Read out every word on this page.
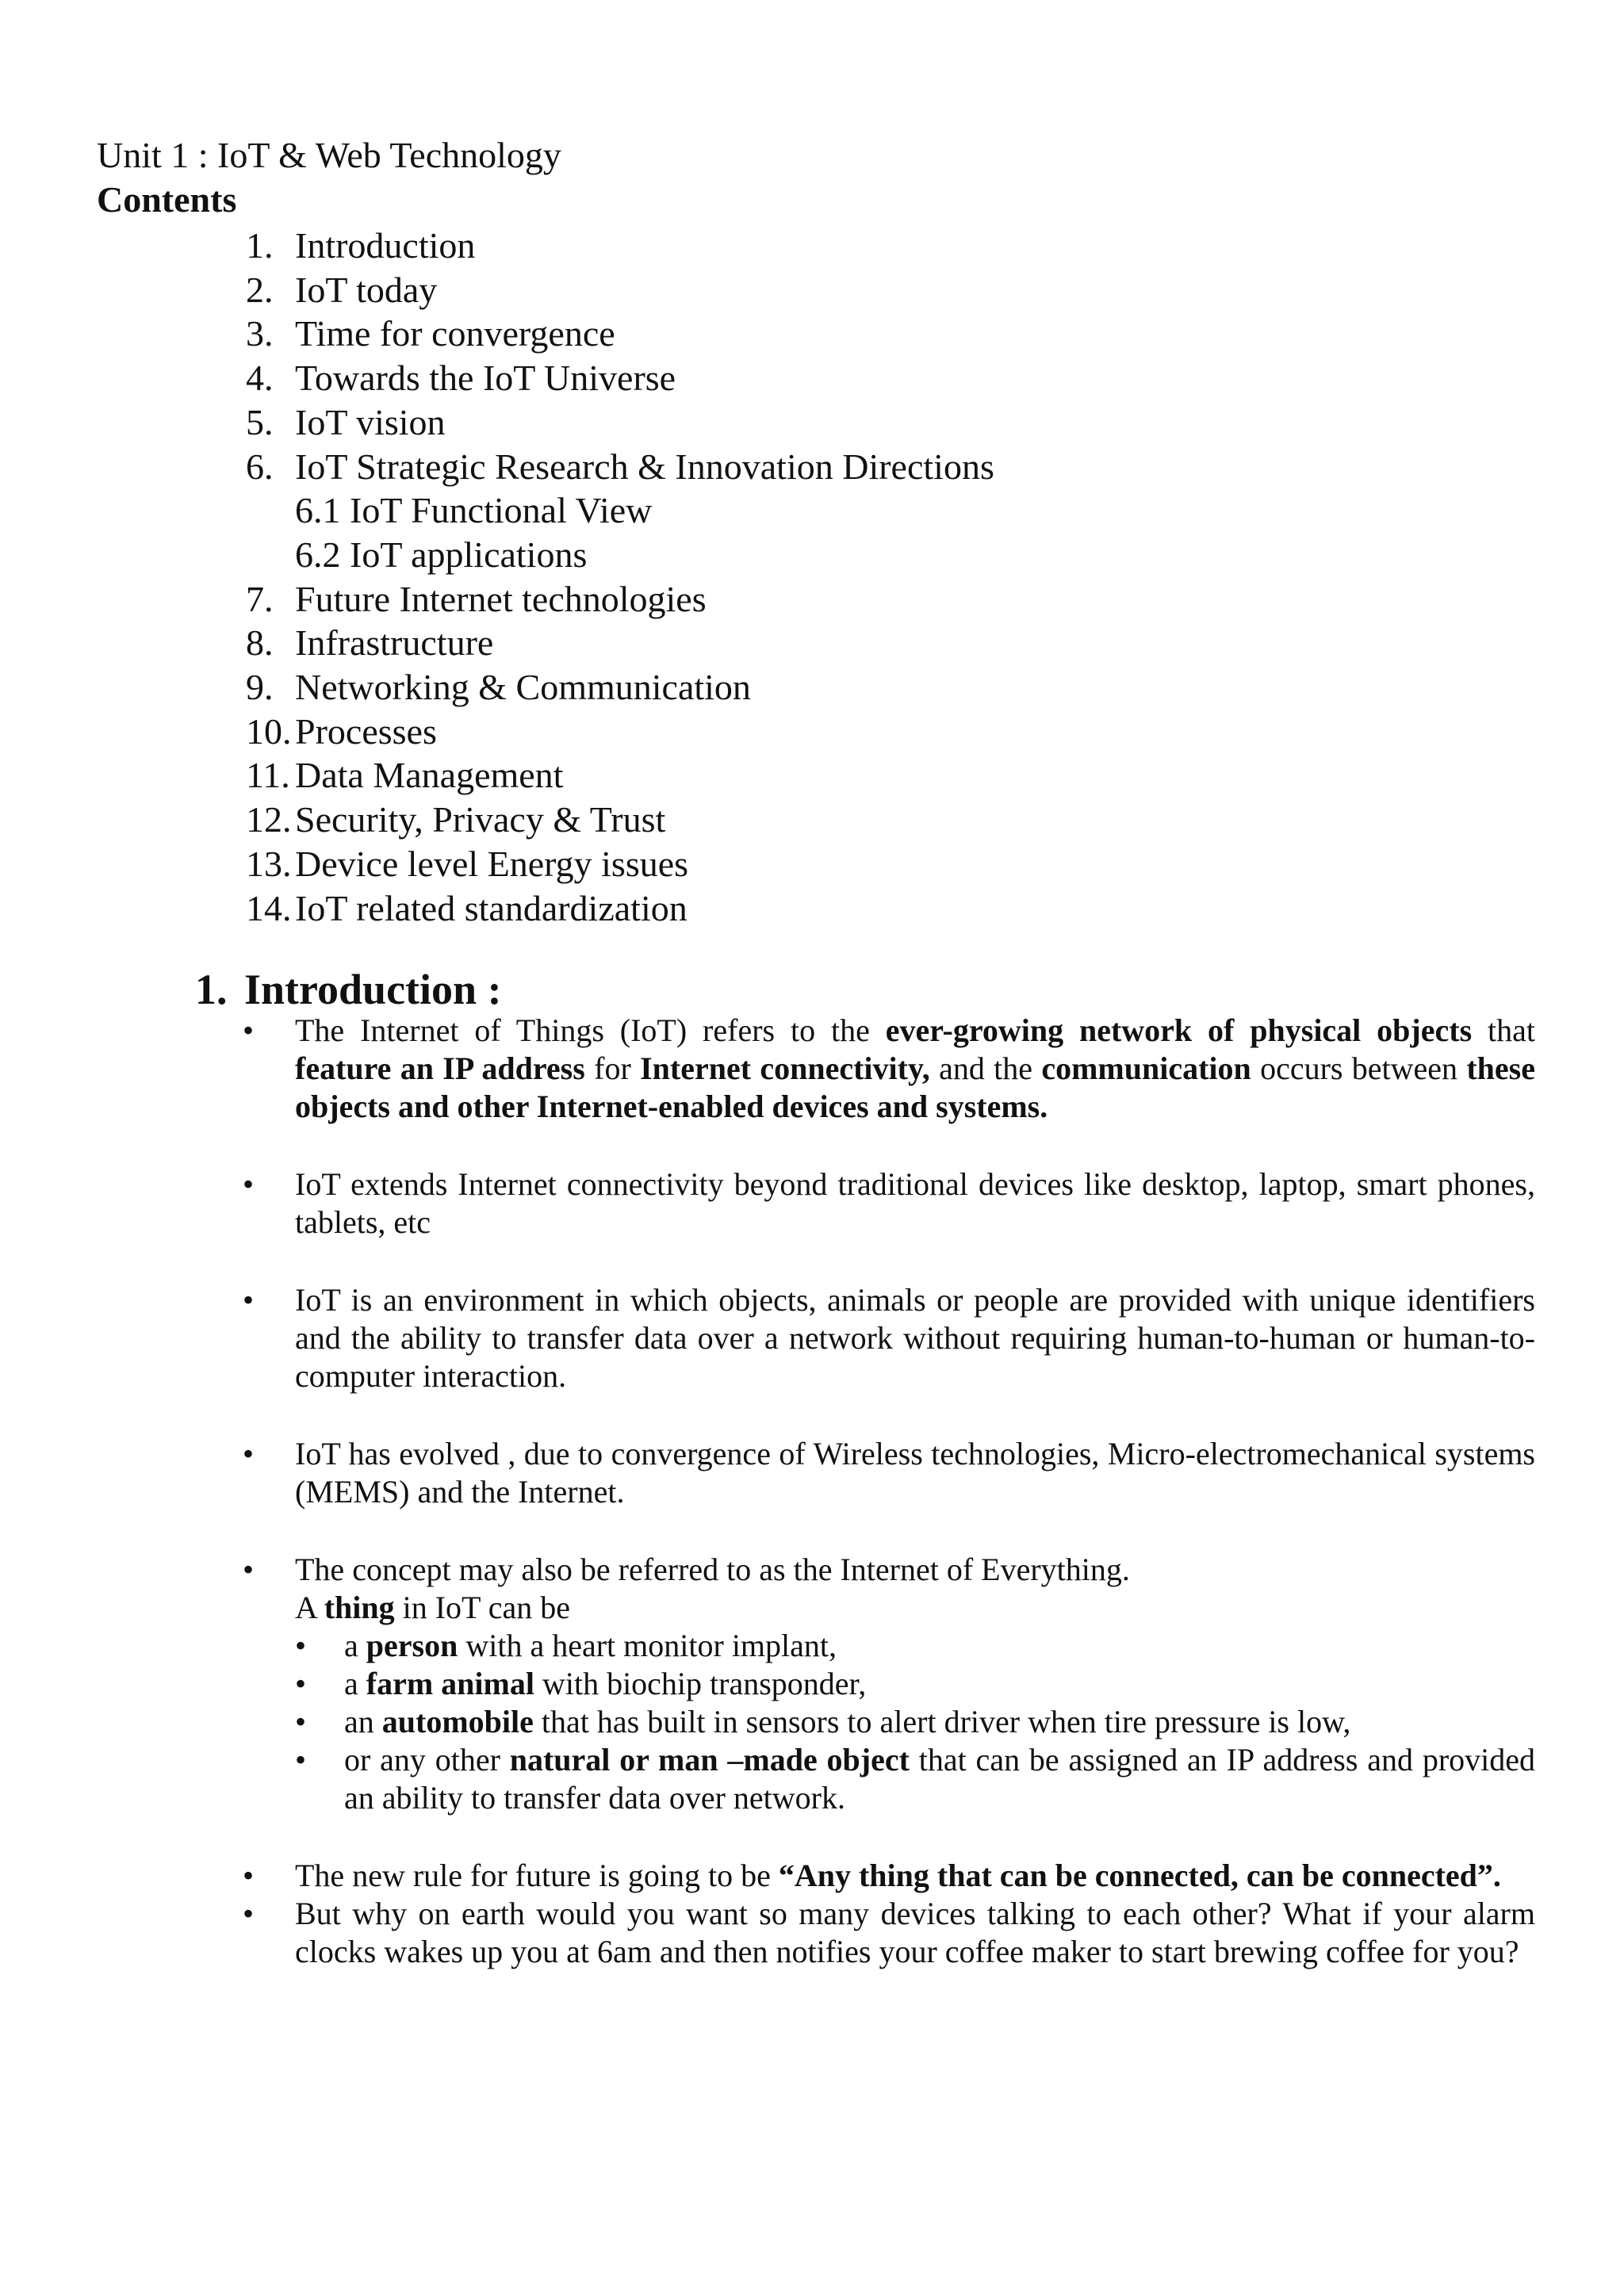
Unit 1 : IoT & Web Technology
Contents
1. Introduction
2. IoT today
3. Time for convergence
4. Towards the IoT Universe
5. IoT vision
6. IoT Strategic Research & Innovation Directions
6.1 IoT Functional View
6.2 IoT applications
7. Future Internet technologies
8. Infrastructure
9. Networking & Communication
10.Processes
11. Data Management
12.Security, Privacy & Trust
13.Device level Energy issues
14.IoT related standardization
1. Introduction :
• The Internet of Things (IoT) refers to the ever-growing network of physical objects that feature an IP address for Internet connectivity, and the communication occurs between these objects and other Internet-enabled devices and systems.
• IoT extends Internet connectivity beyond traditional devices like desktop, laptop, smart phones, tablets, etc
• IoT is an environment in which objects, animals or people are provided with unique identifiers and the ability to transfer data over a network without requiring human-to-human or human-to-computer interaction.
• IoT has evolved , due to convergence of Wireless technologies, Micro-electromechanical systems (MEMS) and the Internet.

• The concept may also be referred to as the Internet of Everything.

A thing in IoT can be

• a person with a heart monitor implant,
• a farm animal with biochip transponder,
• an automobile that has built in sensors to alert driver when tire pressure is low,
• or any other natural or man –made object that can be assigned an IP address and provided an ability to transfer data over network.
• The new rule for future is going to be “Any thing that can be connected, can be connected”.
• But why on earth would you want so many devices talking to each other? What if your alarm clocks wakes up you at 6am and then notifies your coffee maker to start brewing coffee for you?
